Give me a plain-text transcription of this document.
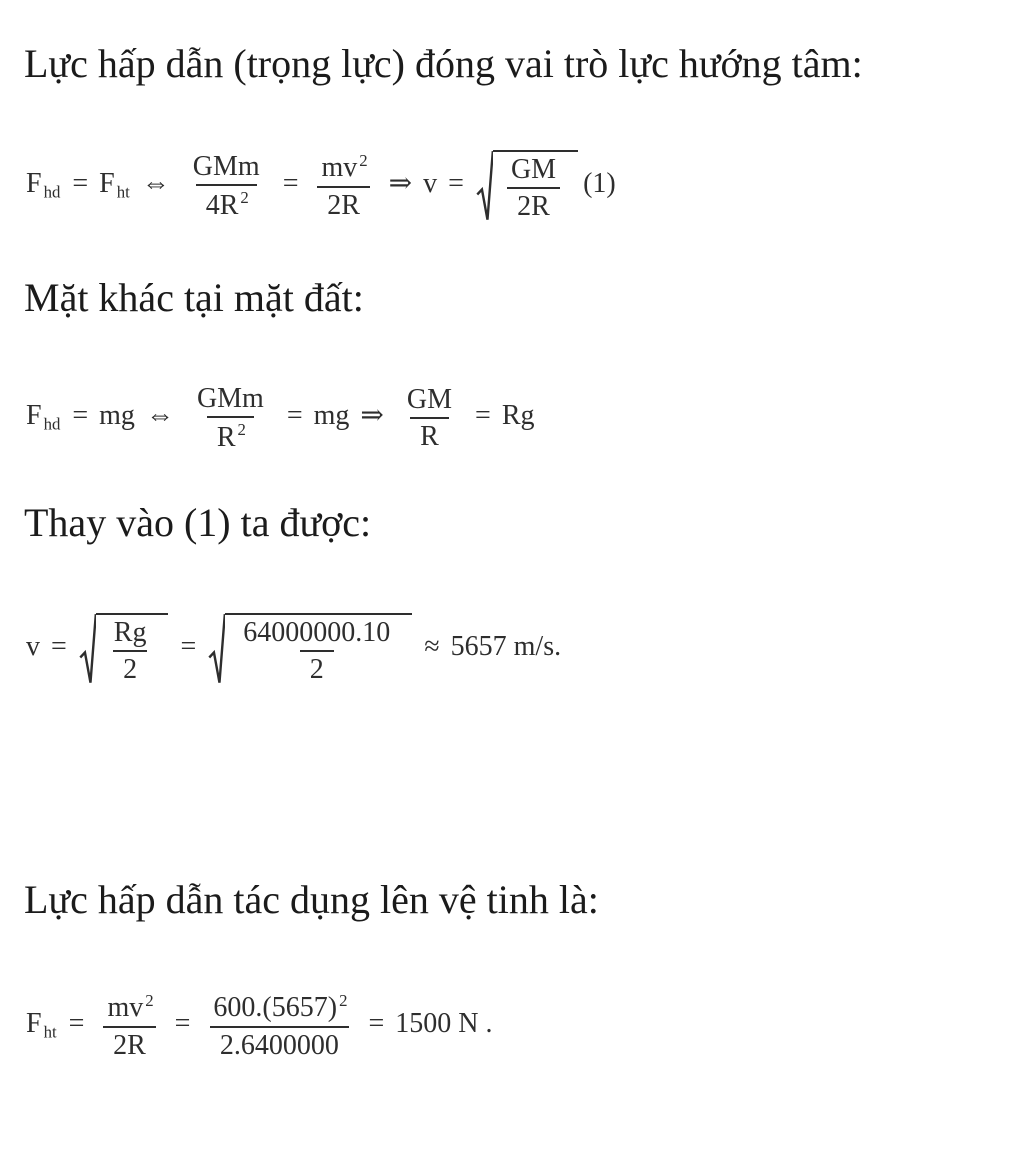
Lực hấp dẫn (trọng lực) đóng vai trò lực hướng tâm:

F hd = F ht ⇔ $\frac{\text{GMm}}{4R ^2} = \frac{mv ^2}{2R}$ ⇒ $v = \frac{GM}{2R} (1)$

Mặt khác tại mặt đất:

F hd = mg ⇔ $\frac{\text{GMm}}{R ^2}$ = mg ⇒ $\frac{GM}{R} = Rg$

Thay vào (1) ta được:

$v = \frac{Rg}{2} = \frac{64000000.10}{2} \approx 5657$ m/s.

Lực hấp dẫn tác dụng lên vệ tinh là:

F ht = $\frac{mv ^2}{2R} = \frac{600.(5657) ^2}{2.6400000} = 1500$ N .
